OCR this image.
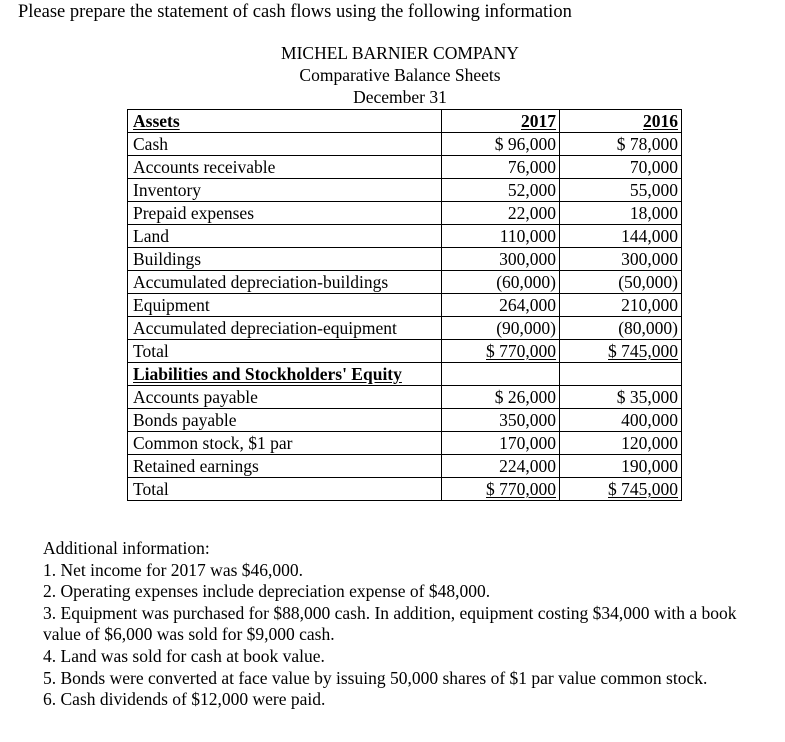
Please prepare the statement of cash flows using the following information
MICHEL BARNIER COMPANY
Comparative Balance Sheets
December 31
Assets	2017	2016
Cash	$ 96,000	$ 78,000
Accounts receivable	76,000	70,000
Inventory	52,000	55,000
Prepaid expenses	22,000	18,000
Land	110,000	144,000
Buildings	300,000	300,000
Accumulated depreciation-buildings	(60,000)	(50,000)
Equipment	264,000	210,000
Accumulated depreciation-equipment	(90,000)	(80,000)
Total	$ 770,000	$ 745,000
Liabilities and Stockholders' Equity		
Accounts payable	$ 26,000	$ 35,000
Bonds payable	350,000	400,000
Common stock, $1 par	170,000	120,000
Retained earnings	224,000	190,000
Total	$ 770,000	$ 745,000

Additional information:

1. Net income for 2017 was $46,000.

2. Operating expenses include depreciation expense of $48,000.

3. Equipment was purchased for $88,000 cash. In addition, equipment costing $34,000 with a book value of $6,000 was sold for $9,000 cash.

4. Land was sold for cash at book value.

5. Bonds were converted at face value by issuing 50,000 shares of $1 par value common stock.

6. Cash dividends of $12,000 were paid.
